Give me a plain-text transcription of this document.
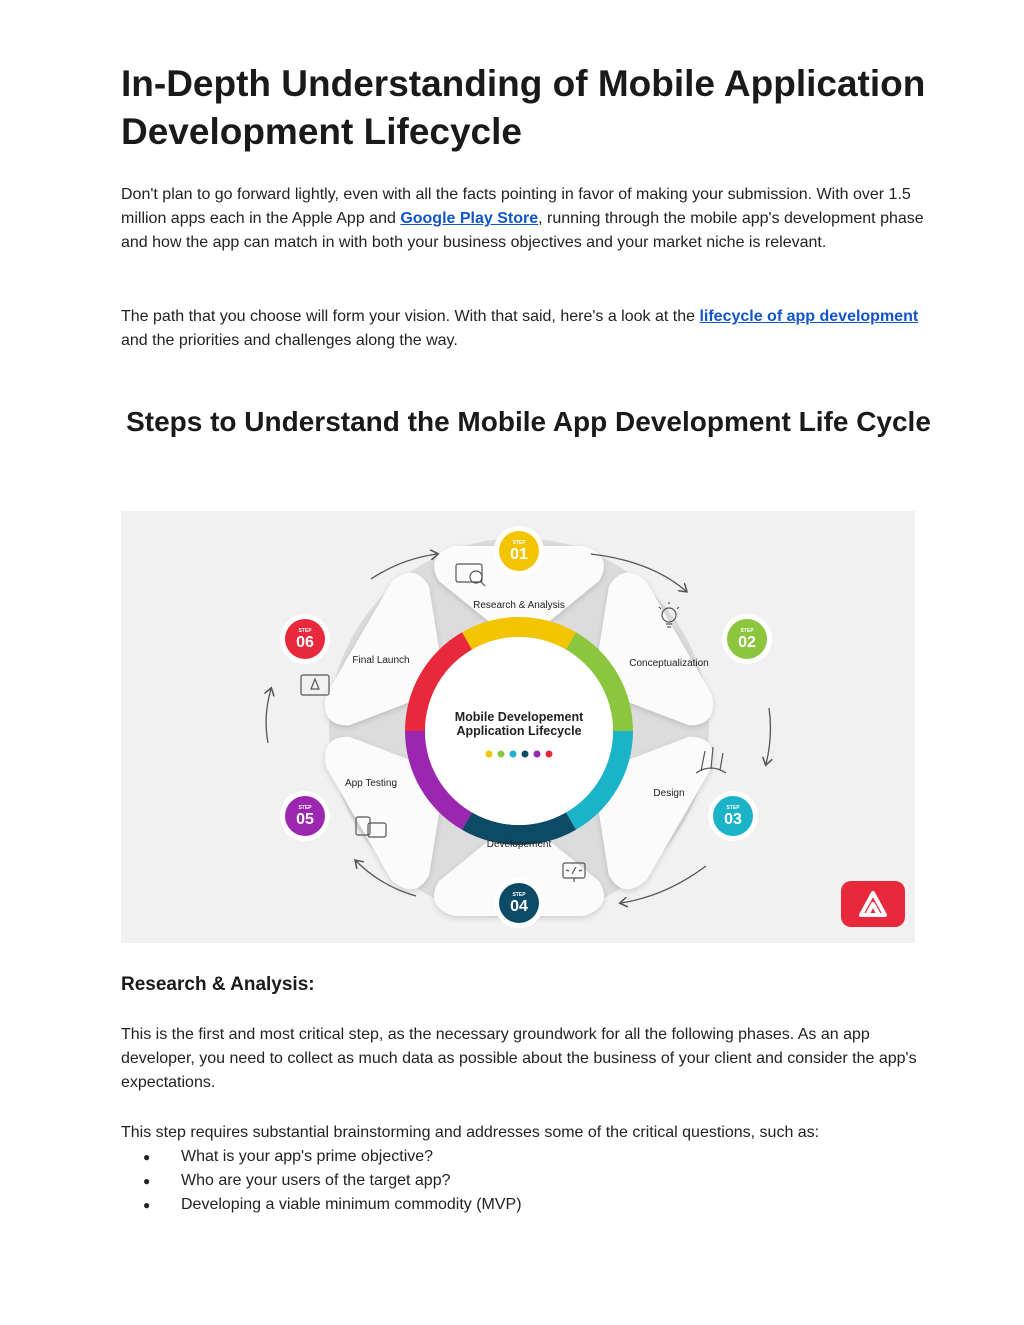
In-Depth Understanding of Mobile Application Development Lifecycle

Don't plan to go forward lightly, even with all the facts pointing in favor of making your submission. With over 1.5 million apps each in the Apple App and Google Play Store, running through the mobile app's development phase and how the app can match in with both your business objectives and your market niche is relevant.

The path that you choose will form your vision. With that said, here's a look at the lifecycle of app development and the priorities and challenges along the way.

Steps to Understand the Mobile App Development Life Cycle
Mobile Developement
Application Lifecycle
STEP
01
Research & Analysis
STEP
02
Conceptualization
STEP
03
Design
STEP
04
Developement
STEP
05
App Testing
STEP
06
Final Launch
Research & Analysis:

This is the first and most critical step, as the necessary groundwork for all the following phases. As an app developer, you need to collect as much data as possible about the business of your client and consider the app's expectations.

This step requires substantial brainstorming and addresses some of the critical questions, such as:

● What is your app's prime objective?
● Who are your users of the target app?
● Developing a viable minimum commodity (MVP)
